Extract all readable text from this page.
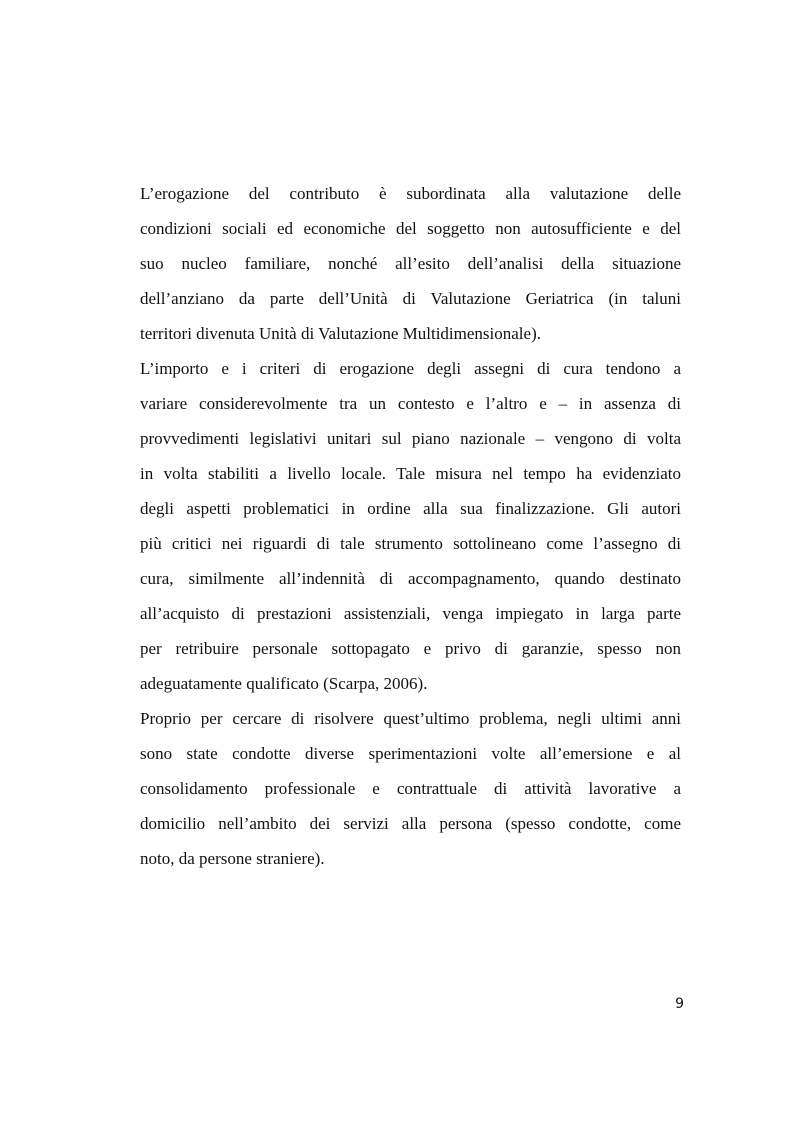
L’erogazione del contributo è subordinata alla valutazione delle
condizioni sociali ed economiche del soggetto non autosufficiente e del
suo nucleo familiare, nonché all’esito dell’analisi della situazione
dell’anziano da parte dell’Unità di Valutazione Geriatrica (in taluni
territori divenuta Unità di Valutazione Multidimensionale).
L’importo e i criteri di erogazione degli assegni di cura tendono a
variare considerevolmente tra un contesto e l’altro e – in assenza di
provvedimenti legislativi unitari sul piano nazionale – vengono di volta
in volta stabiliti a livello locale. Tale misura nel tempo ha evidenziato
degli aspetti problematici in ordine alla sua finalizzazione. Gli autori
più critici nei riguardi di tale strumento sottolineano come l’assegno di
cura, similmente all’indennità di accompagnamento, quando destinato
all’acquisto di prestazioni assistenziali, venga impiegato in larga parte
per retribuire personale sottopagato e privo di garanzie, spesso non
adeguatamente qualificato (Scarpa, 2006).
Proprio per cercare di risolvere quest’ultimo problema, negli ultimi anni
sono state condotte diverse sperimentazioni volte all’emersione e al
consolidamento professionale e contrattuale di attività lavorative a
domicilio nell’ambito dei servizi alla persona (spesso condotte, come
noto, da persone straniere).
9
